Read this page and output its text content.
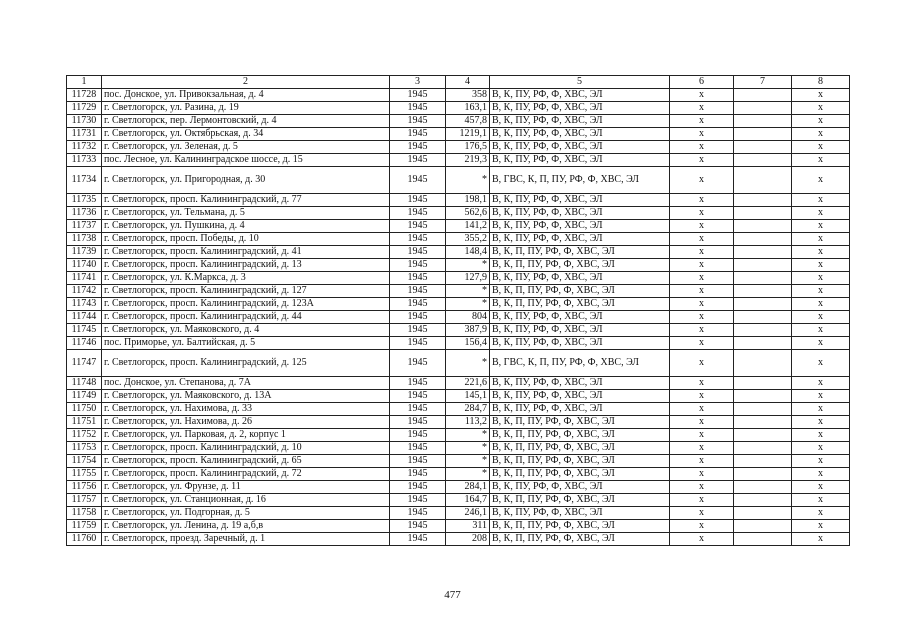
1	2	3	4	5	6	7	8
11728	пос. Донское, ул. Привокзальная, д. 4	1945	358	В, К, ПУ, РФ, Ф, ХВС, ЭЛ	х		х
11729	г. Светлогорск, ул. Разина, д. 19	1945	163,1	В, К, ПУ, РФ, Ф, ХВС, ЭЛ	х		х
11730	г. Светлогорск, пер. Лермонтовский, д. 4	1945	457,8	В, К, ПУ, РФ, Ф, ХВС, ЭЛ	х		х
11731	г. Светлогорск, ул. Октябрьская, д. 34	1945	1219,1	В, К, ПУ, РФ, Ф, ХВС, ЭЛ	х		х
11732	г. Светлогорск, ул. Зеленая, д. 5	1945	176,5	В, К, ПУ, РФ, Ф, ХВС, ЭЛ	х		х
11733	пос. Лесное, ул. Калининградское шоссе, д. 15	1945	219,3	В, К, ПУ, РФ, Ф, ХВС, ЭЛ	х		х
11734	г. Светлогорск, ул. Пригородная, д. 30	1945	*	В, ГВС, К, П, ПУ, РФ, Ф, ХВС, ЭЛ	х		х
11735	г. Светлогорск, просп. Калининградский, д. 77	1945	198,1	В, К, ПУ, РФ, Ф, ХВС, ЭЛ	х		х
11736	г. Светлогорск, ул. Тельмана, д. 5	1945	562,6	В, К, ПУ, РФ, Ф, ХВС, ЭЛ	х		х
11737	г. Светлогорск, ул. Пушкина, д. 4	1945	141,2	В, К, ПУ, РФ, Ф, ХВС, ЭЛ	х		х
11738	г. Светлогорск, просп. Победы, д. 10	1945	355,2	В, К, ПУ, РФ, Ф, ХВС, ЭЛ	х		х
11739	г. Светлогорск, просп. Калининградский, д. 41	1945	148,4	В, К, П, ПУ, РФ, Ф, ХВС, ЭЛ	х		х
11740	г. Светлогорск, просп. Калининградский, д. 13	1945	*	В, К, П, ПУ, РФ, Ф, ХВС, ЭЛ	х		х
11741	г. Светлогорск, ул. К.Маркса, д. 3	1945	127,9	В, К, ПУ, РФ, Ф, ХВС, ЭЛ	х		х
11742	г. Светлогорск, просп. Калининградский, д. 127	1945	*	В, К, П, ПУ, РФ, Ф, ХВС, ЭЛ	х		х
11743	г. Светлогорск, просп. Калининградский, д. 123А	1945	*	В, К, П, ПУ, РФ, Ф, ХВС, ЭЛ	х		х
11744	г. Светлогорск, просп. Калининградский, д. 44	1945	804	В, К, ПУ, РФ, Ф, ХВС, ЭЛ	х		х
11745	г. Светлогорск, ул. Маяковского, д. 4	1945	387,9	В, К, ПУ, РФ, Ф, ХВС, ЭЛ	х		х
11746	пос. Приморье, ул. Балтийская, д. 5	1945	156,4	В, К, ПУ, РФ, Ф, ХВС, ЭЛ	х		х
11747	г. Светлогорск, просп. Калининградский, д. 125	1945	*	В, ГВС, К, П, ПУ, РФ, Ф, ХВС, ЭЛ	х		х
11748	пос. Донское, ул. Степанова, д. 7А	1945	221,6	В, К, ПУ, РФ, Ф, ХВС, ЭЛ	х		х
11749	г. Светлогорск, ул. Маяковского, д. 13А	1945	145,1	В, К, ПУ, РФ, Ф, ХВС, ЭЛ	х		х
11750	г. Светлогорск, ул. Нахимова, д. 33	1945	284,7	В, К, ПУ, РФ, Ф, ХВС, ЭЛ	х		х
11751	г. Светлогорск, ул. Нахимова, д. 26	1945	113,2	В, К, П, ПУ, РФ, Ф, ХВС, ЭЛ	х		х
11752	г. Светлогорск, ул. Парковая, д. 2, корпус 1	1945	*	В, К, П, ПУ, РФ, Ф, ХВС, ЭЛ	х		х
11753	г. Светлогорск, просп. Калининградский, д. 10	1945	*	В, К, П, ПУ, РФ, Ф, ХВС, ЭЛ	х		х
11754	г. Светлогорск, просп. Калининградский, д. 65	1945	*	В, К, П, ПУ, РФ, Ф, ХВС, ЭЛ	х		х
11755	г. Светлогорск, просп. Калининградский, д. 72	1945	*	В, К, П, ПУ, РФ, Ф, ХВС, ЭЛ	х		х
11756	г. Светлогорск, ул. Фрунзе, д. 11	1945	284,1	В, К, ПУ, РФ, Ф, ХВС, ЭЛ	х		х
11757	г. Светлогорск, ул. Станционная, д. 16	1945	164,7	В, К, П, ПУ, РФ, Ф, ХВС, ЭЛ	х		х
11758	г. Светлогорск, ул. Подгорная, д. 5	1945	246,1	В, К, ПУ, РФ, Ф, ХВС, ЭЛ	х		х
11759	г. Светлогорск, ул. Ленина, д. 19 а,б,в	1945	311	В, К, П, ПУ, РФ, Ф, ХВС, ЭЛ	х		х
11760	г. Светлогорск, проезд. Заречный, д. 1	1945	208	В, К, П, ПУ, РФ, Ф, ХВС, ЭЛ	х		х
477
